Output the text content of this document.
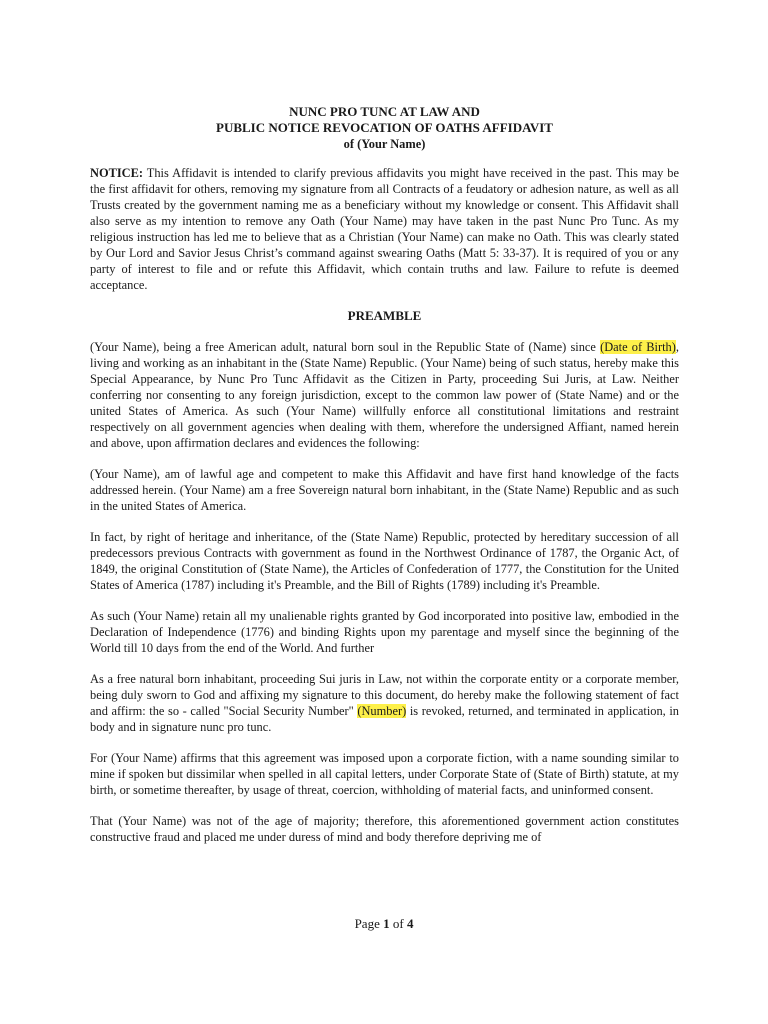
NUNC PRO TUNC AT LAW AND
PUBLIC NOTICE REVOCATION OF OATHS AFFIDAVIT
of (Your Name)

NOTICE: This Affidavit is intended to clarify previous affidavits you might have received in the past. This may be the first affidavit for others, removing my signature from all Contracts of a feudatory or adhesion nature, as well as all Trusts created by the government naming me as a beneficiary without my knowledge or consent. This Affidavit shall also serve as my intention to remove any Oath (Your Name) may have taken in the past Nunc Pro Tunc. As my religious instruction has led me to believe that as a Christian (Your Name) can make no Oath. This was clearly stated by Our Lord and Savior Jesus Christ’s command against swearing Oaths (Matt 5: 33-37). It is required of you or any party of interest to file and or refute this Affidavit, which contain truths and law. Failure to refute is deemed acceptance.

PREAMBLE

(Your Name), being a free American adult, natural born soul in the Republic State of (Name) since (Date of Birth), living and working as an inhabitant in the (State Name) Republic. (Your Name) being of such status, hereby make this Special Appearance, by Nunc Pro Tunc Affidavit as the Citizen in Party, proceeding Sui Juris, at Law. Neither conferring nor consenting to any foreign jurisdiction, except to the common law power of (State Name) and or the united States of America. As such (Your Name) willfully enforce all constitutional limitations and restraint respectively on all government agencies when dealing with them, wherefore the undersigned Affiant, named herein and above, upon affirmation declares and evidences the following:

(Your Name), am of lawful age and competent to make this Affidavit and have first hand knowledge of the facts addressed herein. (Your Name) am a free Sovereign natural born inhabitant, in the (State Name) Republic and as such in the united States of America.

In fact, by right of heritage and inheritance, of the (State Name) Republic, protected by hereditary succession of all predecessors previous Contracts with government as found in the Northwest Ordinance of 1787, the Organic Act, of 1849, the original Constitution of (State Name), the Articles of Confederation of 1777, the Constitution for the United States of America (1787) including it's Preamble, and the Bill of Rights (1789) including it's Preamble.

As such (Your Name) retain all my unalienable rights granted by God incorporated into positive law, embodied in the Declaration of Independence (1776) and binding Rights upon my parentage and myself since the beginning of the World till 10 days from the end of the World. And further

As a free natural born inhabitant, proceeding Sui juris in Law, not within the corporate entity or a corporate member, being duly sworn to God and affixing my signature to this document, do hereby make the following statement of fact and affirm: the so - called "Social Security Number" (Number) is revoked, returned, and terminated in application, in body and in signature nunc pro tunc.

For (Your Name) affirms that this agreement was imposed upon a corporate fiction, with a name sounding similar to mine if spoken but dissimilar when spelled in all capital letters, under Corporate State of (State of Birth) statute, at my birth, or sometime thereafter, by usage of threat, coercion, withholding of material facts, and uninformed consent.

That (Your Name) was not of the age of majority; therefore, this aforementioned government action constitutes constructive fraud and placed me under duress of mind and body therefore depriving me of

Page 1 of 4
